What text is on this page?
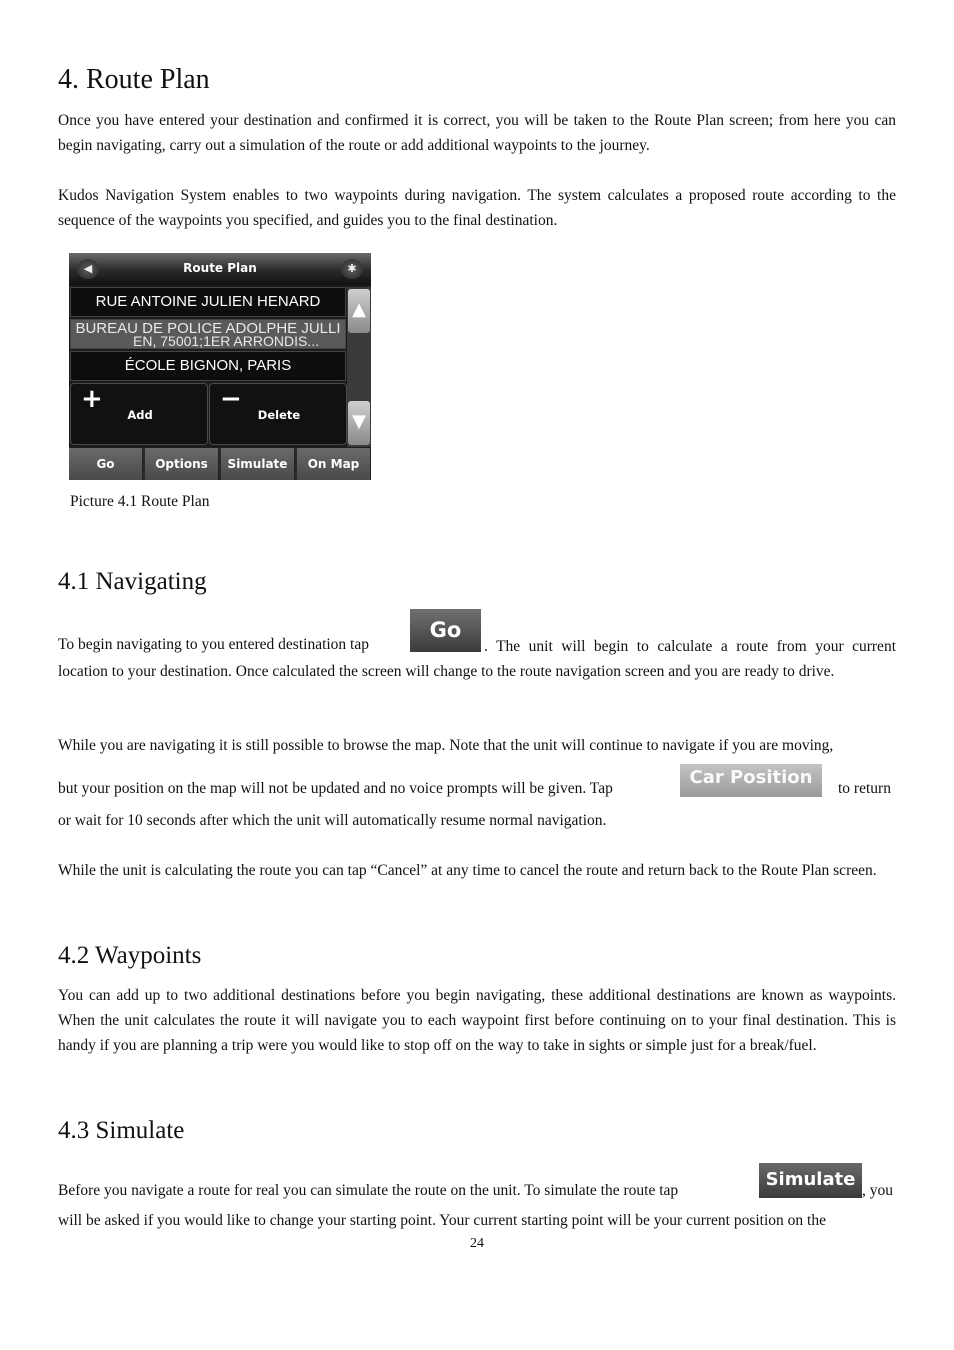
4. Route Plan

Once you have entered your destination and confirmed it is correct, you will be taken to the Route Plan screen; from here you can begin navigating, carry out a simulation of the route or add additional waypoints to the journey.

Kudos Navigation System enables to two waypoints during navigation. The system calculates a proposed route according to the sequence of the waypoints you specified, and guides you to the final destination.

◀	Route Plan	✱
RUE ANTOINE JULIEN HENARD
BUREAU DE POLICE ADOLPHE JULLI
EN, 75001;1ER ARRONDIS...
ÉCOLE BIGNON, PARIS
▲
▼
+
Add
−
Delete
Go	Options	Simulate	On Map
Picture 4.1 Route Plan
4.1 Navigating
Go
To begin navigating to you entered destination tap	. The unit will begin to calculate a route from your current location to your destination. Once calculated the screen will change to the route navigation screen and you are ready to drive.

While you are navigating it is still possible to browse the map. Note that the unit will continue to navigate if you are moving,

but your position on the map will not be updated and no voice prompts will be given. Tap
Car Position
to return

or wait for 10 seconds after which the unit will automatically resume normal navigation.

While the unit is calculating the route you can tap “Cancel” at any time to cancel the route and return back to the Route Plan screen.

4.2 Waypoints

You can add up to two additional destinations before you begin navigating, these additional destinations are known as waypoints. When the unit calculates the route it will navigate you to each waypoint first before continuing on to your final destination. This is handy if you are planning a trip were you would like to stop off on the way to take in sights or simple just for a break/fuel.

4.3 Simulate
Before you navigate a route for real you can simulate the route on the unit. To simulate the route tap
Simulate
, you

will be asked if you would like to change your starting point. Your current starting point will be your current position on the

24
